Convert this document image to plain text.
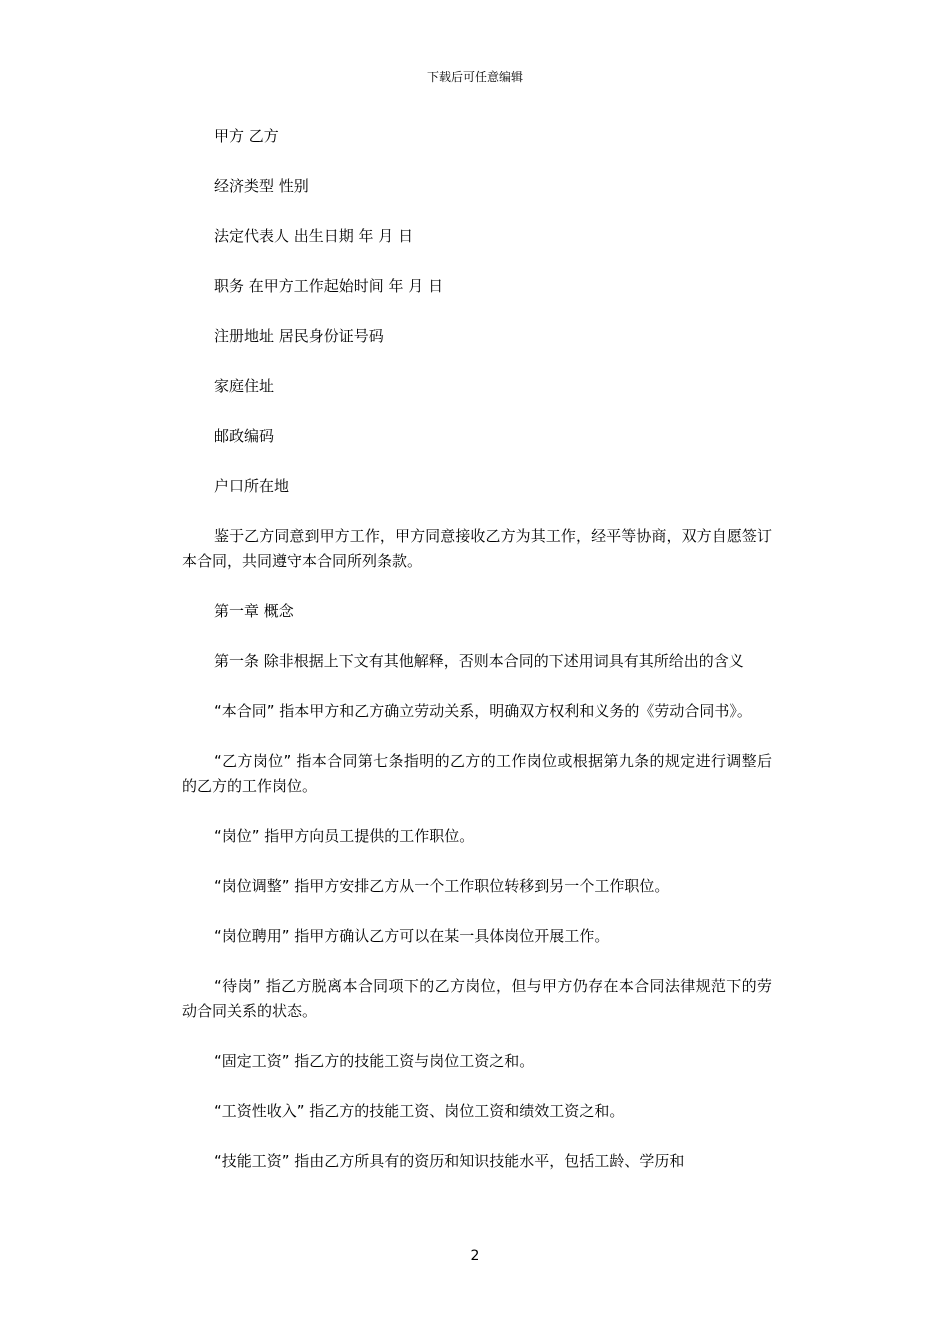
下载后可任意编辑

甲方 乙方

经济类型 性别

法定代表人 出生日期 年 月 日

职务 在甲方工作起始时间 年 月 日

注册地址 居民身份证号码

家庭住址

邮政编码

户口所在地

鉴于乙方同意到甲方工作，甲方同意接收乙方为其工作，经平等协商，双方自愿签订本合同，共同遵守本合同所列条款。

第一章 概念

第一条 除非根据上下文有其他解释，否则本合同的下述用词具有其所给出的含义

“本合同” 指本甲方和乙方确立劳动关系，明确双方权利和义务的《劳动合同书》。

“乙方岗位” 指本合同第七条指明的乙方的工作岗位或根据第九条的规定进行调整后的乙方的工作岗位。

“岗位” 指甲方向员工提供的工作职位。

“岗位调整” 指甲方安排乙方从一个工作职位转移到另一个工作职位。

“岗位聘用” 指甲方确认乙方可以在某一具体岗位开展工作。

“待岗” 指乙方脱离本合同项下的乙方岗位，但与甲方仍存在本合同法律规范下的劳动合同关系的状态。

“固定工资” 指乙方的技能工资与岗位工资之和。

“工资性收入” 指乙方的技能工资、岗位工资和绩效工资之和。

“技能工资” 指由乙方所具有的资历和知识技能水平，包括工龄、学历和

2
